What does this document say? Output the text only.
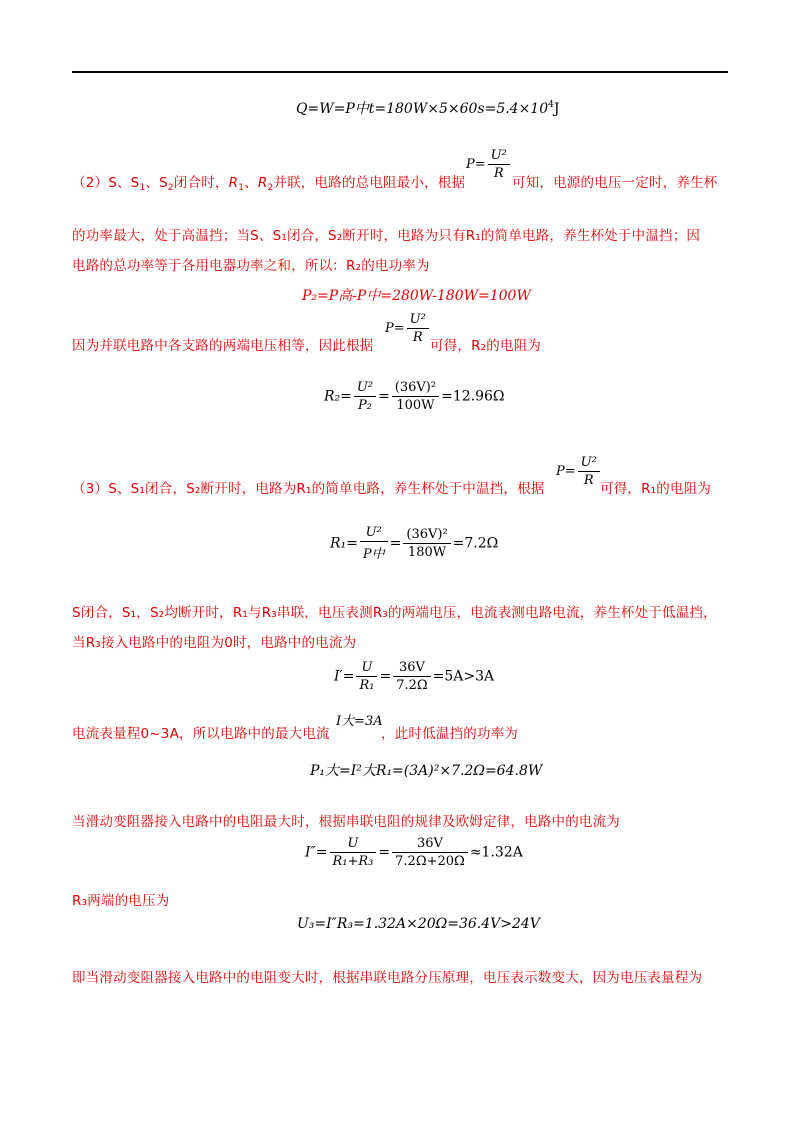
Q=W=P中$t=180W\times 5\times 60s=5.4\times 10^4J$
（2）S、$S_1$、$S_2$闭合时，$R_1$、$R_2$并联，电路的总电阻最小，根据
$P= \frac{\text{U²}}{R}$
可知，电源的电压一定时，养生杯
的功率最大，处于高温挡；当S、S₁闭合，S₂断开时，电路为只有R₁的简单电路，养生杯处于中温挡；因
电路的总功率等于各用电器功率之和，所以：R₂的电功率为
P₂=P高-P中=280W-180W=100W
因为并联电路中各支路的两端电压相等，因此根据
$P= \frac{\text{U²}}{R}$
可得，R₂的电阻为
$R_2= \frac{\text{U²}}{\text{P₂}} = \frac{\text{(36V)²}}{100W} =12.96\Omega$
（3）S、S₁闭合，S₂断开时，电路为R₁的简单电路，养生杯处于中温挡，根据
$P= \frac{\text{U²}}{R}$
可得，R₁的电阻为
$R_1= \frac{\text{U²}}{\text{P中}} = \frac{\text{(36V)²}}{180W} =7.2\Omega$
S闭合，S₁，S₂均断开时，R₁与R₃串联，电压表测R₃的两端电压，电流表测电路电流，养生杯处于低温挡，
当R₃接入电路中的电阻为0时，电路中的电流为
$I'= \frac{U}{\text{R₁}} = \frac{36V}{7.2\Omega} =5A>3A$
电流表量程0~3A，所以电路中的最大电流
I大=3A
，此时低温挡的功率为
P₁大=I²大R₁=(3A)²×7.2Ω=64.8W
当滑动变阻器接入电路中的电阻最大时，根据串联电阻的规律及欧姆定律，电路中的电流为
$I''= \frac{U}{\text{R₁+R₃}} = \frac{36V}{7.2\Omega+20\Omega} \approx 1.32A$
R₃两端的电压为
U₃=I″R₃=1.32A×20Ω=36.4V>24V
即当滑动变阻器接入电路中的电阻变大时，根据串联电路分压原理，电压表示数变大，因为电压表量程为
